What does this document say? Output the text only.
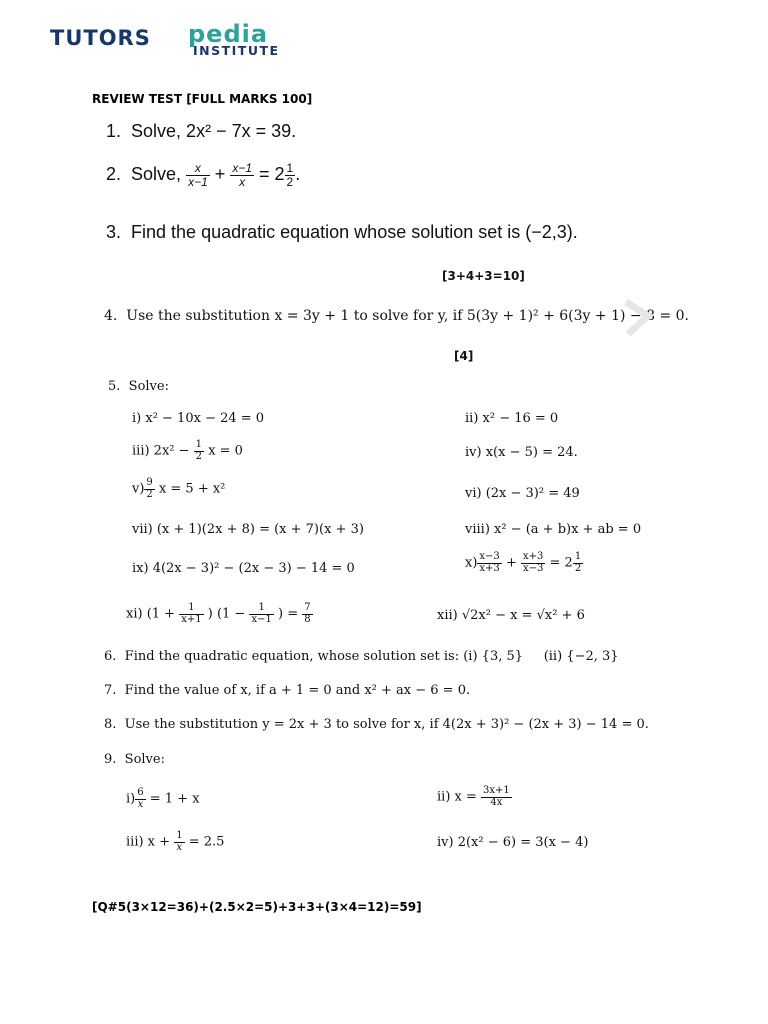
TUTORS pedia
INSTITUTE
REVIEW TEST [FULL MARKS 100]
1. Solve, 2x² − 7x = 39.
2. Solve, $\frac{x}{x-1} + \frac{x-1}{x} = 2 \frac{1}{2}$ .
3. Find the quadratic equation whose solution set is (−2,3).
[3+4+3=10]
4. Use the substitution x = 3y + 1 to solve for y, if 5(3y + 1)² + 6(3y + 1) − 8 = 0.
[4]
5. Solve:
i) x² − 10x − 24 = 0	ii) x² − 16 = 0
iii) $2x^2 - \frac{1}{2}$ x = 0	iv) x(x − 5) = 24.
$v) \frac{9}{2}$ x = 5 + x²	vi) (2x − 3)² = 49
vii) (x + 1)(2x + 8) = (x + 7)(x + 3)	viii) x² − (a + b)x + ab = 0
ix) 4(2x − 3)² − (2x − 3) − 14 = 0	$x) \frac{x-3}{x+3} + \frac{x+3}{x-3} = 2 \frac{1}{2}$
xi) ($1 + \frac{1}{x+1}$ ) ($1 - \frac{1}{x-1}$ ) = $\frac{7}{8}$	xii) √2x² − x = √x² + 6
6. Find the quadratic equation, whose solution set is: (i) {3, 5} (ii) {−2, 3}
7. Find the value of x, if a + 1 = 0 and x² + ax − 6 = 0.
8. Use the substitution y = 2x + 3 to solve for x, if 4(2x + 3)² − (2x + 3) − 14 = 0.
9. Solve:
$i) \frac{6}{x} = 1 + x$	ii) $x = \frac{3x+1}{4x}$
iii) $x + \frac{1}{x} = 2.5$	iv) 2(x² − 6) = 3(x − 4)
[Q#5(3×12=36)+(2.5×2=5)+3+3+(3×4=12)=59]
